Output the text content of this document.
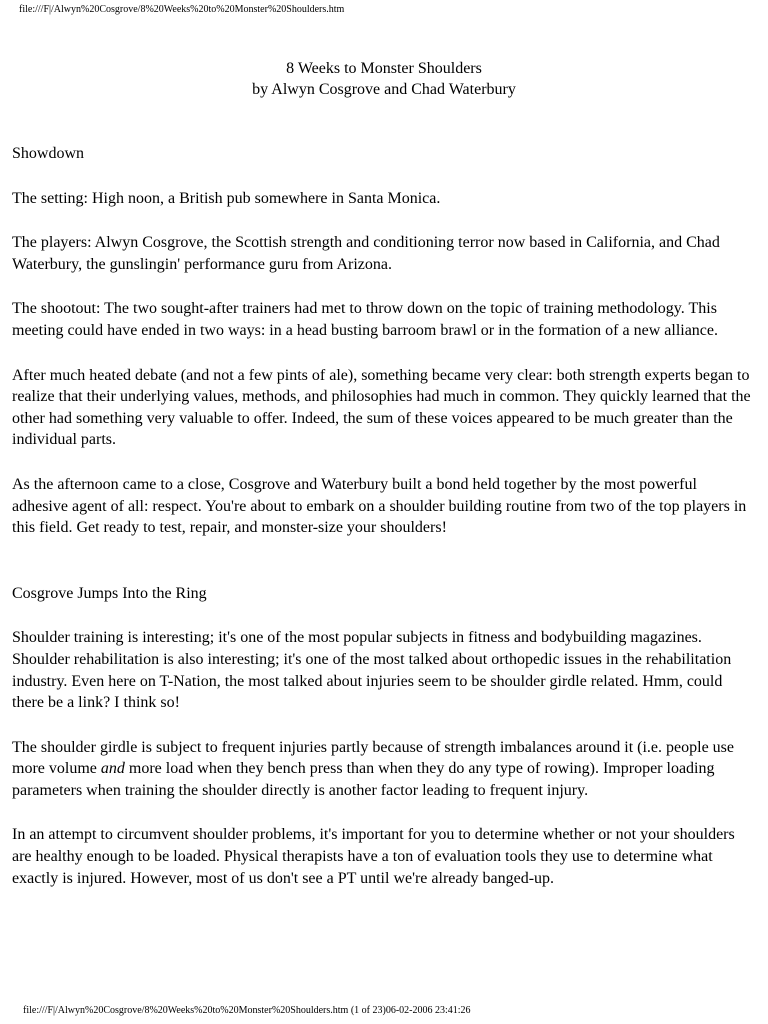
file:///F|/Alwyn%20Cosgrove/8%20Weeks%20to%20Monster%20Shoulders.htm
8 Weeks to Monster Shoulders
by Alwyn Cosgrove and Chad Waterbury

Showdown

The setting: High noon, a British pub somewhere in Santa Monica.

The players: Alwyn Cosgrove, the Scottish strength and conditioning terror now based in California, and Chad Waterbury, the gunslingin' performance guru from Arizona.

The shootout: The two sought-after trainers had met to throw down on the topic of training methodology. This meeting could have ended in two ways: in a head busting barroom brawl or in the formation of a new alliance.

After much heated debate (and not a few pints of ale), something became very clear: both strength experts began to realize that their underlying values, methods, and philosophies had much in common. They quickly learned that the other had something very valuable to offer. Indeed, the sum of these voices appeared to be much greater than the individual parts.

As the afternoon came to a close, Cosgrove and Waterbury built a bond held together by the most powerful adhesive agent of all: respect. You're about to embark on a shoulder building routine from two of the top players in this field. Get ready to test, repair, and monster-size your shoulders!

Cosgrove Jumps Into the Ring

Shoulder training is interesting; it's one of the most popular subjects in fitness and bodybuilding magazines. Shoulder rehabilitation is also interesting; it's one of the most talked about orthopedic issues in the rehabilitation industry. Even here on T-Nation, the most talked about injuries seem to be shoulder girdle related. Hmm, could there be a link? I think so!

The shoulder girdle is subject to frequent injuries partly because of strength imbalances around it (i.e. people use more volume and more load when they bench press than when they do any type of rowing). Improper loading parameters when training the shoulder directly is another factor leading to frequent injury.

In an attempt to circumvent shoulder problems, it's important for you to determine whether or not your shoulders are healthy enough to be loaded. Physical therapists have a ton of evaluation tools they use to determine what exactly is injured. However, most of us don't see a PT until we're already banged-up.

file:///F|/Alwyn%20Cosgrove/8%20Weeks%20to%20Monster%20Shoulders.htm (1 of 23)06-02-2006 23:41:26
